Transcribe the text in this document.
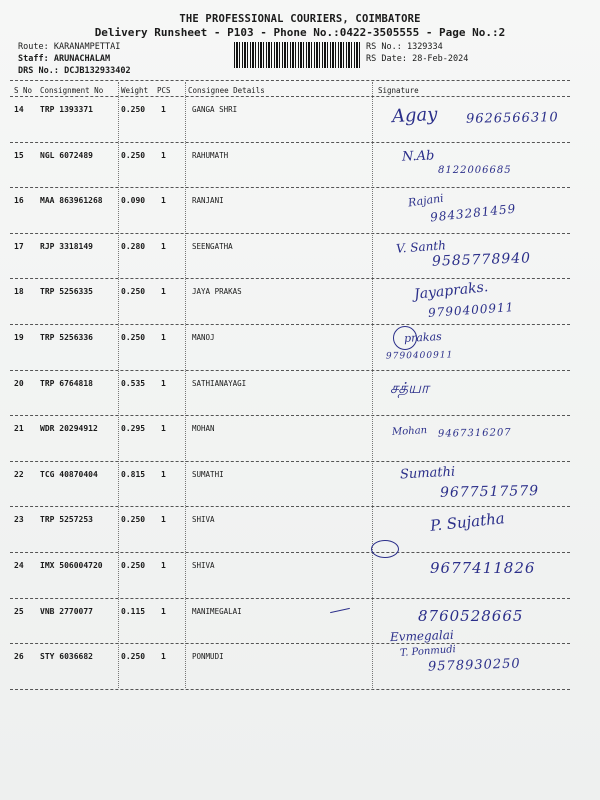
THE PROFESSIONAL COURIERS, COIMBATORE
Delivery Runsheet - P103 - Phone No.:0422-3505555 - Page No.:2
Route: KARANAMPETTAI
Staff: ARUNACHALAM
DRS No.: DCJB132933402
RS No.: 1329334
RS Date: 28-Feb-2024
S No Consignment No Weight PCS Consignee Details	Signature
14 TRP 1393371	0.250 1	GANGA SHRI	Agay 9626566310
15 NGL 6072489	0.250 1	RAHUMATH	N.Ab
8122006685
16 MAA 863961268 0.090 1	RANJANI	Rajani
9843281459
17 RJP 3318149	0.280 1	SEENGATHA	V. Santh
9585778940
18 TRP 5256335	0.250 1	JAYA PRAKAS	Jayapraks.
9790400911
19 TRP 5256336	0.250 1	MANOJ	prakas
9790400911
20 TRP 6764818	0.535 1	SATHIANAYAGI	சத்யா
21 WDR 20294912	0.295 1	MOHAN	Mohan 9467316207
22 TCG 40870404	0.815 1	SUMATHI	Sumathi
9677517579
23 TRP 5257253	0.250 1	SHIVA	P. Sujatha
24 IMX 506004720 0.250 1	SHIVA	9677411826
25 VNB 2770077	0.115 1	MANIMEGALAI
Evmegalai
8760528665
26 STY 6036682	0.250 1	PONMUDI	T. Ponmudi
9578930250
